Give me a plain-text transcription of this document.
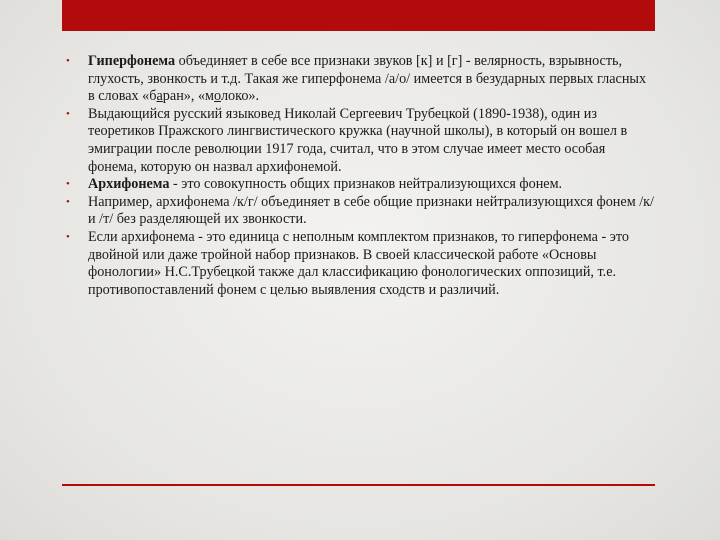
•	Гиперфонема объединяет в себе все признаки звуков [к] и [г] - велярность, взрывность, глухость, звонкость и т.д. Такая же гиперфонема /а/о/ имеется в безударных первых гласных в словах «баран», «молоко».
•	Выдающийся русский языковед Николай Сергеевич Трубецкой (1890-1938), один из теоретиков Пражского лингвистического кружка (научной школы), в который он вошел в эмиграции после революции 1917 года, считал, что в этом случае имеет место особая фонема, которую он назвал архифонемой.
•	Архифонема - это совокупность общих признаков нейтрализующихся фонем.
•	Например, архифонема /к/г/ объединяет в себе общие признаки нейтрализующихся фонем /к/ и /т/ без разделяющей их звонкости.
•	Если архифонема - это единица с неполным комплектом признаков, то гиперфонема - это двойной или даже тройной набор признаков. В своей классической работе «Основы фонологии» Н.С.Трубецкой также дал классификацию фонологических оппозиций, т.е. противопоставлений фонем с целью выявления сходств и различий.
